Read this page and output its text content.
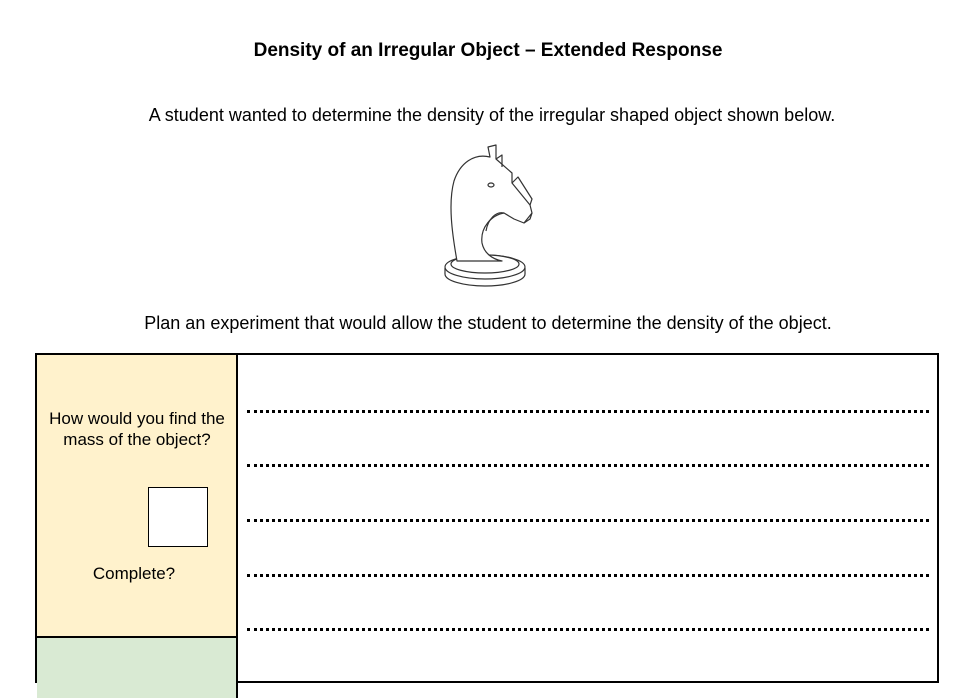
Density of an Irregular Object – Extended Response
A student wanted to determine the density of the irregular shaped object shown below.
Plan an experiment that would allow the student to determine the density of the object.
How would you find the mass of the object?
Complete?
